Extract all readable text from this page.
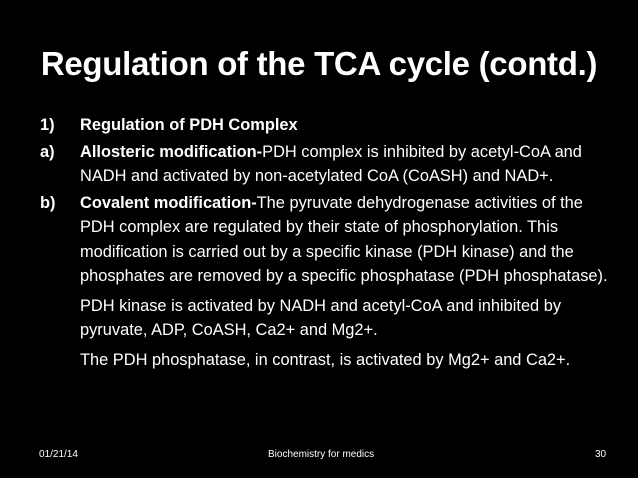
Regulation of the TCA cycle (contd.)
1) Regulation of PDH Complex
a) Allosteric modification-PDH complex is inhibited by acetyl-CoA and NADH and activated by non-acetylated CoA (CoASH) and NAD+.
b) Covalent modification-The pyruvate dehydrogenase activities of the PDH complex are regulated by their state of phosphorylation. This modification is carried out by a specific kinase (PDH kinase) and the phosphates are removed by a specific phosphatase (PDH phosphatase).
PDH kinase is activated by NADH and acetyl-CoA and inhibited by pyruvate, ADP, CoASH, Ca2+ and Mg2+.
The PDH phosphatase, in contrast, is activated by Mg2+ and Ca2+.
01/21/14	Biochemistry for medics	30
